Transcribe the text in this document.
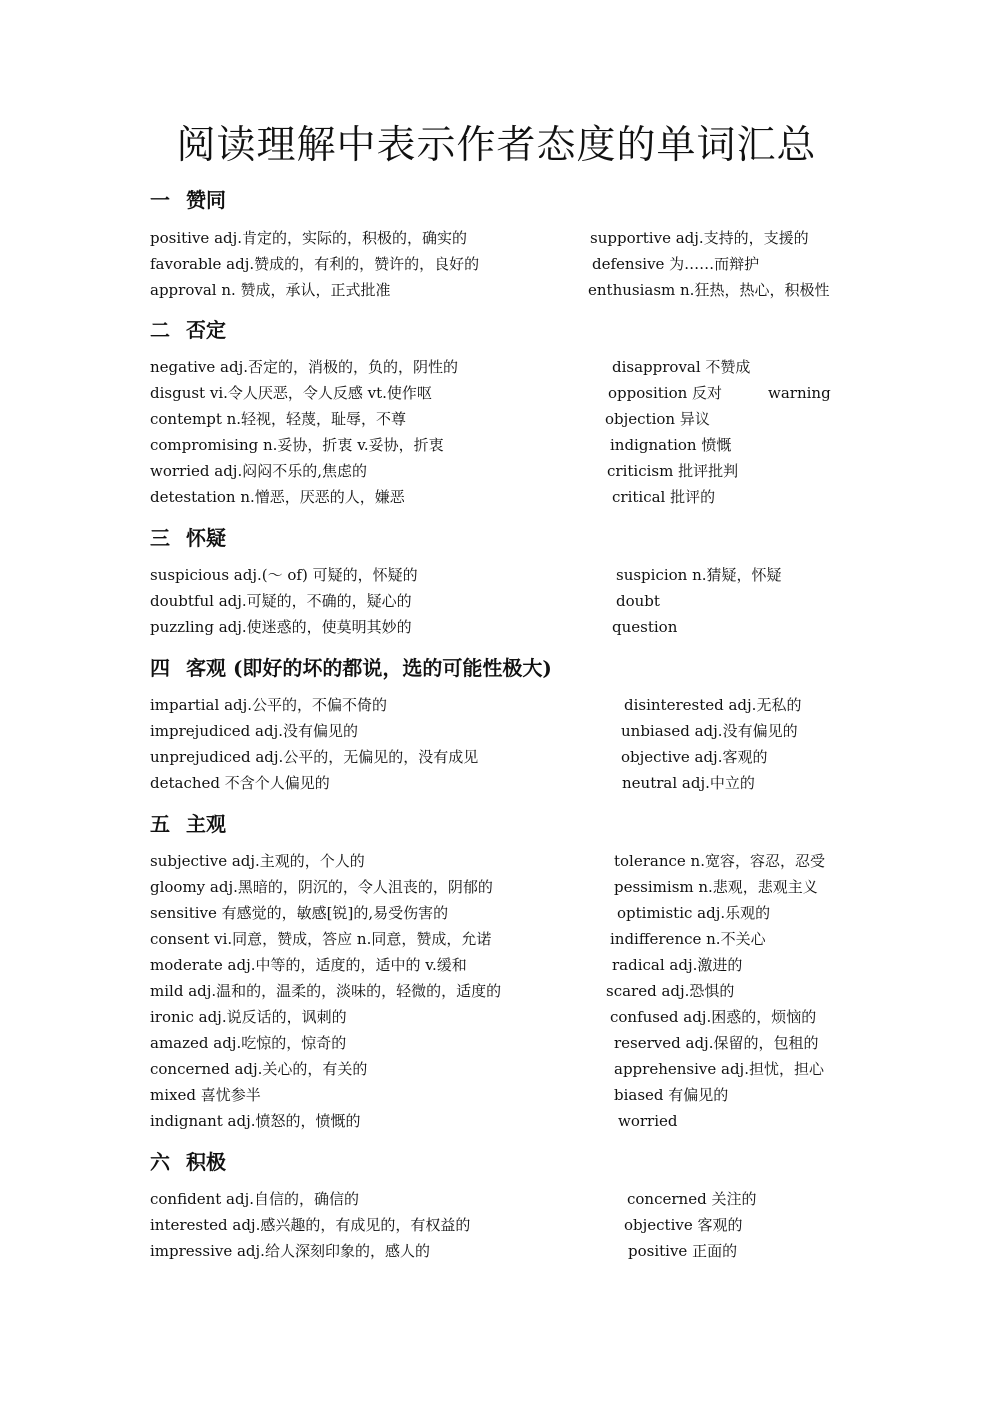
阅读理解中表示作者态度的单词汇总
一 赞同
positive adj.肯定的，实际的，积极的，确实的
favorable adj.赞成的，有利的，赞许的，良好的
approval n. 赞成，承认，正式批准
supportive adj.支持的，支援的
defensive 为……而辩护
enthusiasm n.狂热，热心，积极性
二 否定
negative adj.否定的，消极的，负的，阴性的
disgust vi.令人厌恶，令人反感 vt.使作呕
contempt n.轻视，轻蔑，耻辱，不尊
compromising n.妥协，折衷 v.妥协，折衷
worried adj.闷闷不乐的,焦虑的
detestation n.憎恶，厌恶的人，嫌恶
disapproval 不赞成
opposition 反对
objection 异议
indignation 愤慨
criticism 批评批判
critical 批评的
warning
三 怀疑
suspicious adj.(～ of) 可疑的，怀疑的
doubtful adj.可疑的，不确的，疑心的
puzzling adj.使迷惑的，使莫明其妙的
suspicion n.猜疑，怀疑
doubt
question
四 客观 (即好的坏的都说，选的可能性极大)
impartial adj.公平的，不偏不倚的
imprejudiced adj.没有偏见的
unprejudiced adj.公平的，无偏见的，没有成见
detached 不含个人偏见的
disinterested adj.无私的
unbiased adj.没有偏见的
objective adj.客观的
neutral adj.中立的
五 主观
subjective adj.主观的，个人的
gloomy adj.黑暗的，阴沉的，令人沮丧的，阴郁的
sensitive 有感觉的，敏感[锐]的,易受伤害的
consent vi.同意，赞成，答应 n.同意，赞成，允诺
moderate adj.中等的，适度的，适中的 v.缓和
mild adj.温和的，温柔的，淡味的，轻微的，适度的
ironic adj.说反话的，讽刺的
amazed adj.吃惊的，惊奇的
concerned adj.关心的，有关的
mixed 喜忧参半
indignant adj.愤怒的，愤慨的
tolerance n.宽容，容忍，忍受
pessimism n.悲观，悲观主义
optimistic adj.乐观的
indifference n.不关心
radical adj.激进的
scared adj.恐惧的
confused adj.困惑的，烦恼的
reserved adj.保留的，包租的
apprehensive adj.担忧，担心
biased 有偏见的
worried
六 积极
confident adj.自信的，确信的
interested adj.感兴趣的，有成见的，有权益的
impressive adj.给人深刻印象的，感人的
concerned 关注的
objective 客观的
positive 正面的
